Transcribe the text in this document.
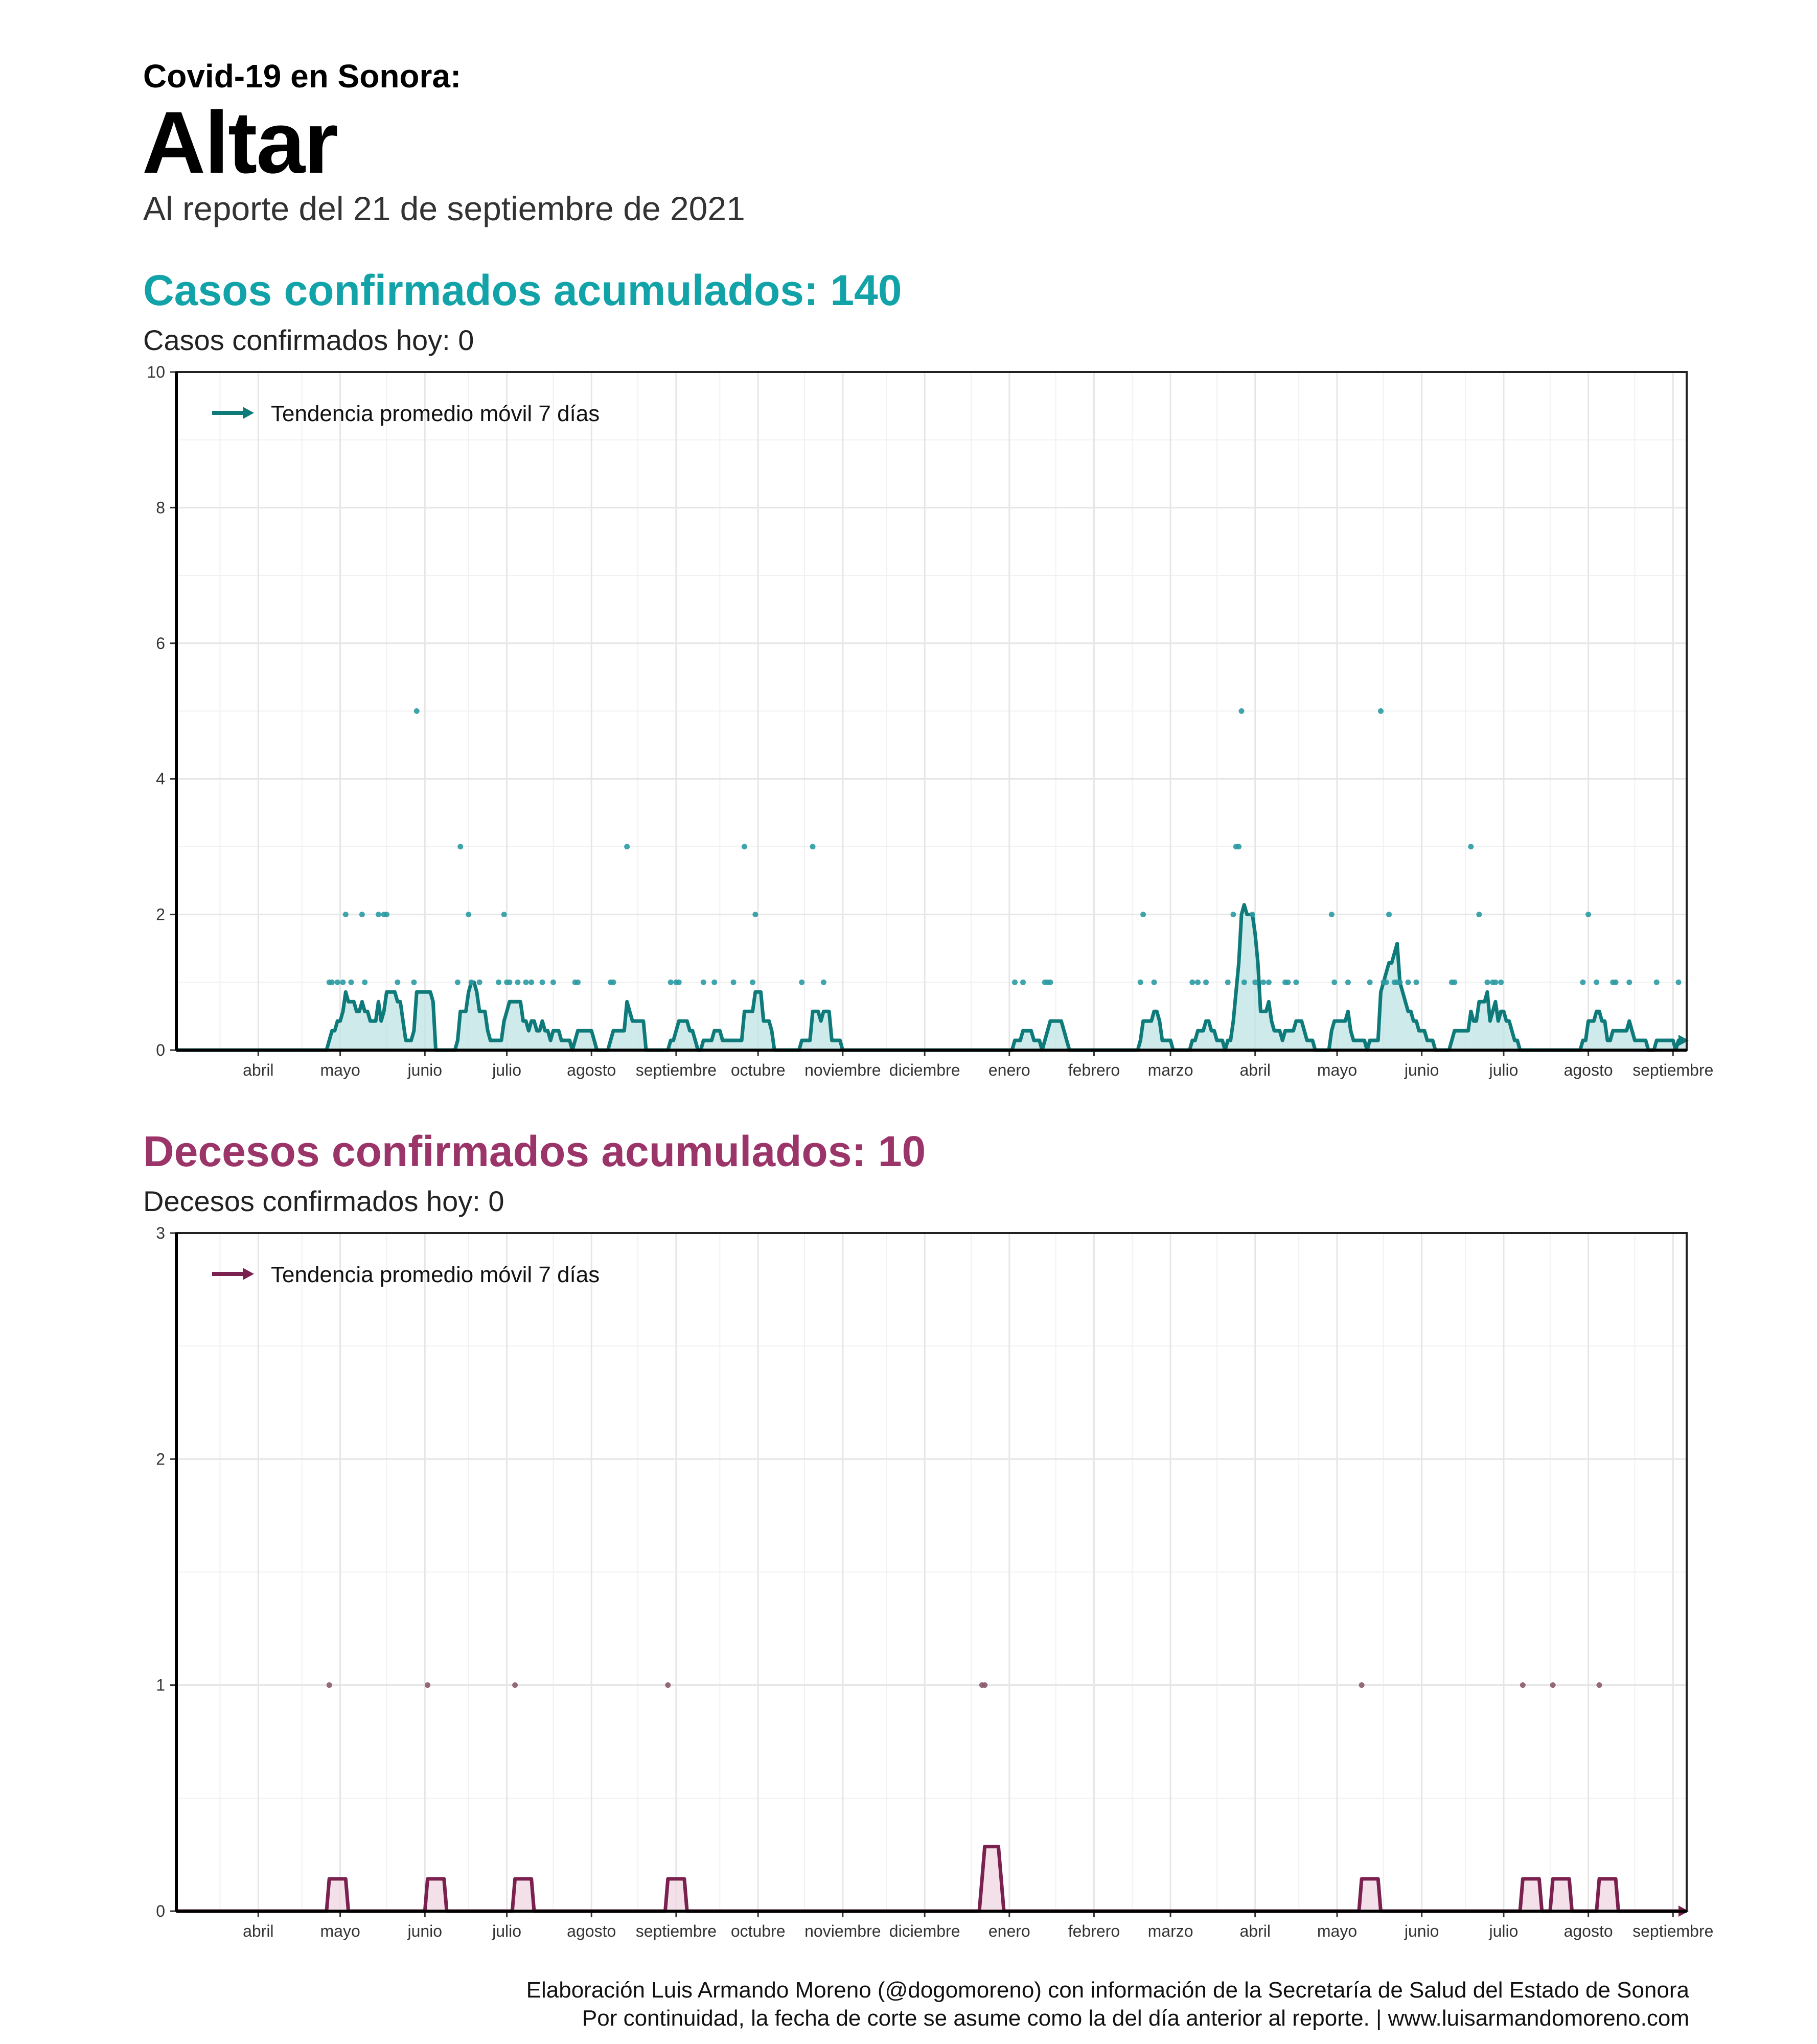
Covid-19 en Sonora:
Altar
Al reporte del 21 de septiembre de 2021
Casos confirmados acumulados: 140
Casos confirmados hoy: 0
0
2
4
6
8
10
abril	mayo	junio	julio	agosto septiembre octubre noviembre diciembre enero febrero marzo	abril	mayo	junio	julio	agosto septiembre
Tendencia promedio móvil 7 días
Decesos confirmados acumulados: 10
Decesos confirmados hoy: 0
0
1
2
3
abril	mayo	junio	julio	agosto septiembre octubre noviembre diciembre enero febrero marzo	abril	mayo	junio	julio	agosto septiembre
Tendencia promedio móvil 7 días
Elaboración Luis Armando Moreno (@dogomoreno) con información de la Secretaría de Salud del Estado de Sonora
Por continuidad, la fecha de corte se asume como la del día anterior al reporte. | www.luisarmandomoreno.com
